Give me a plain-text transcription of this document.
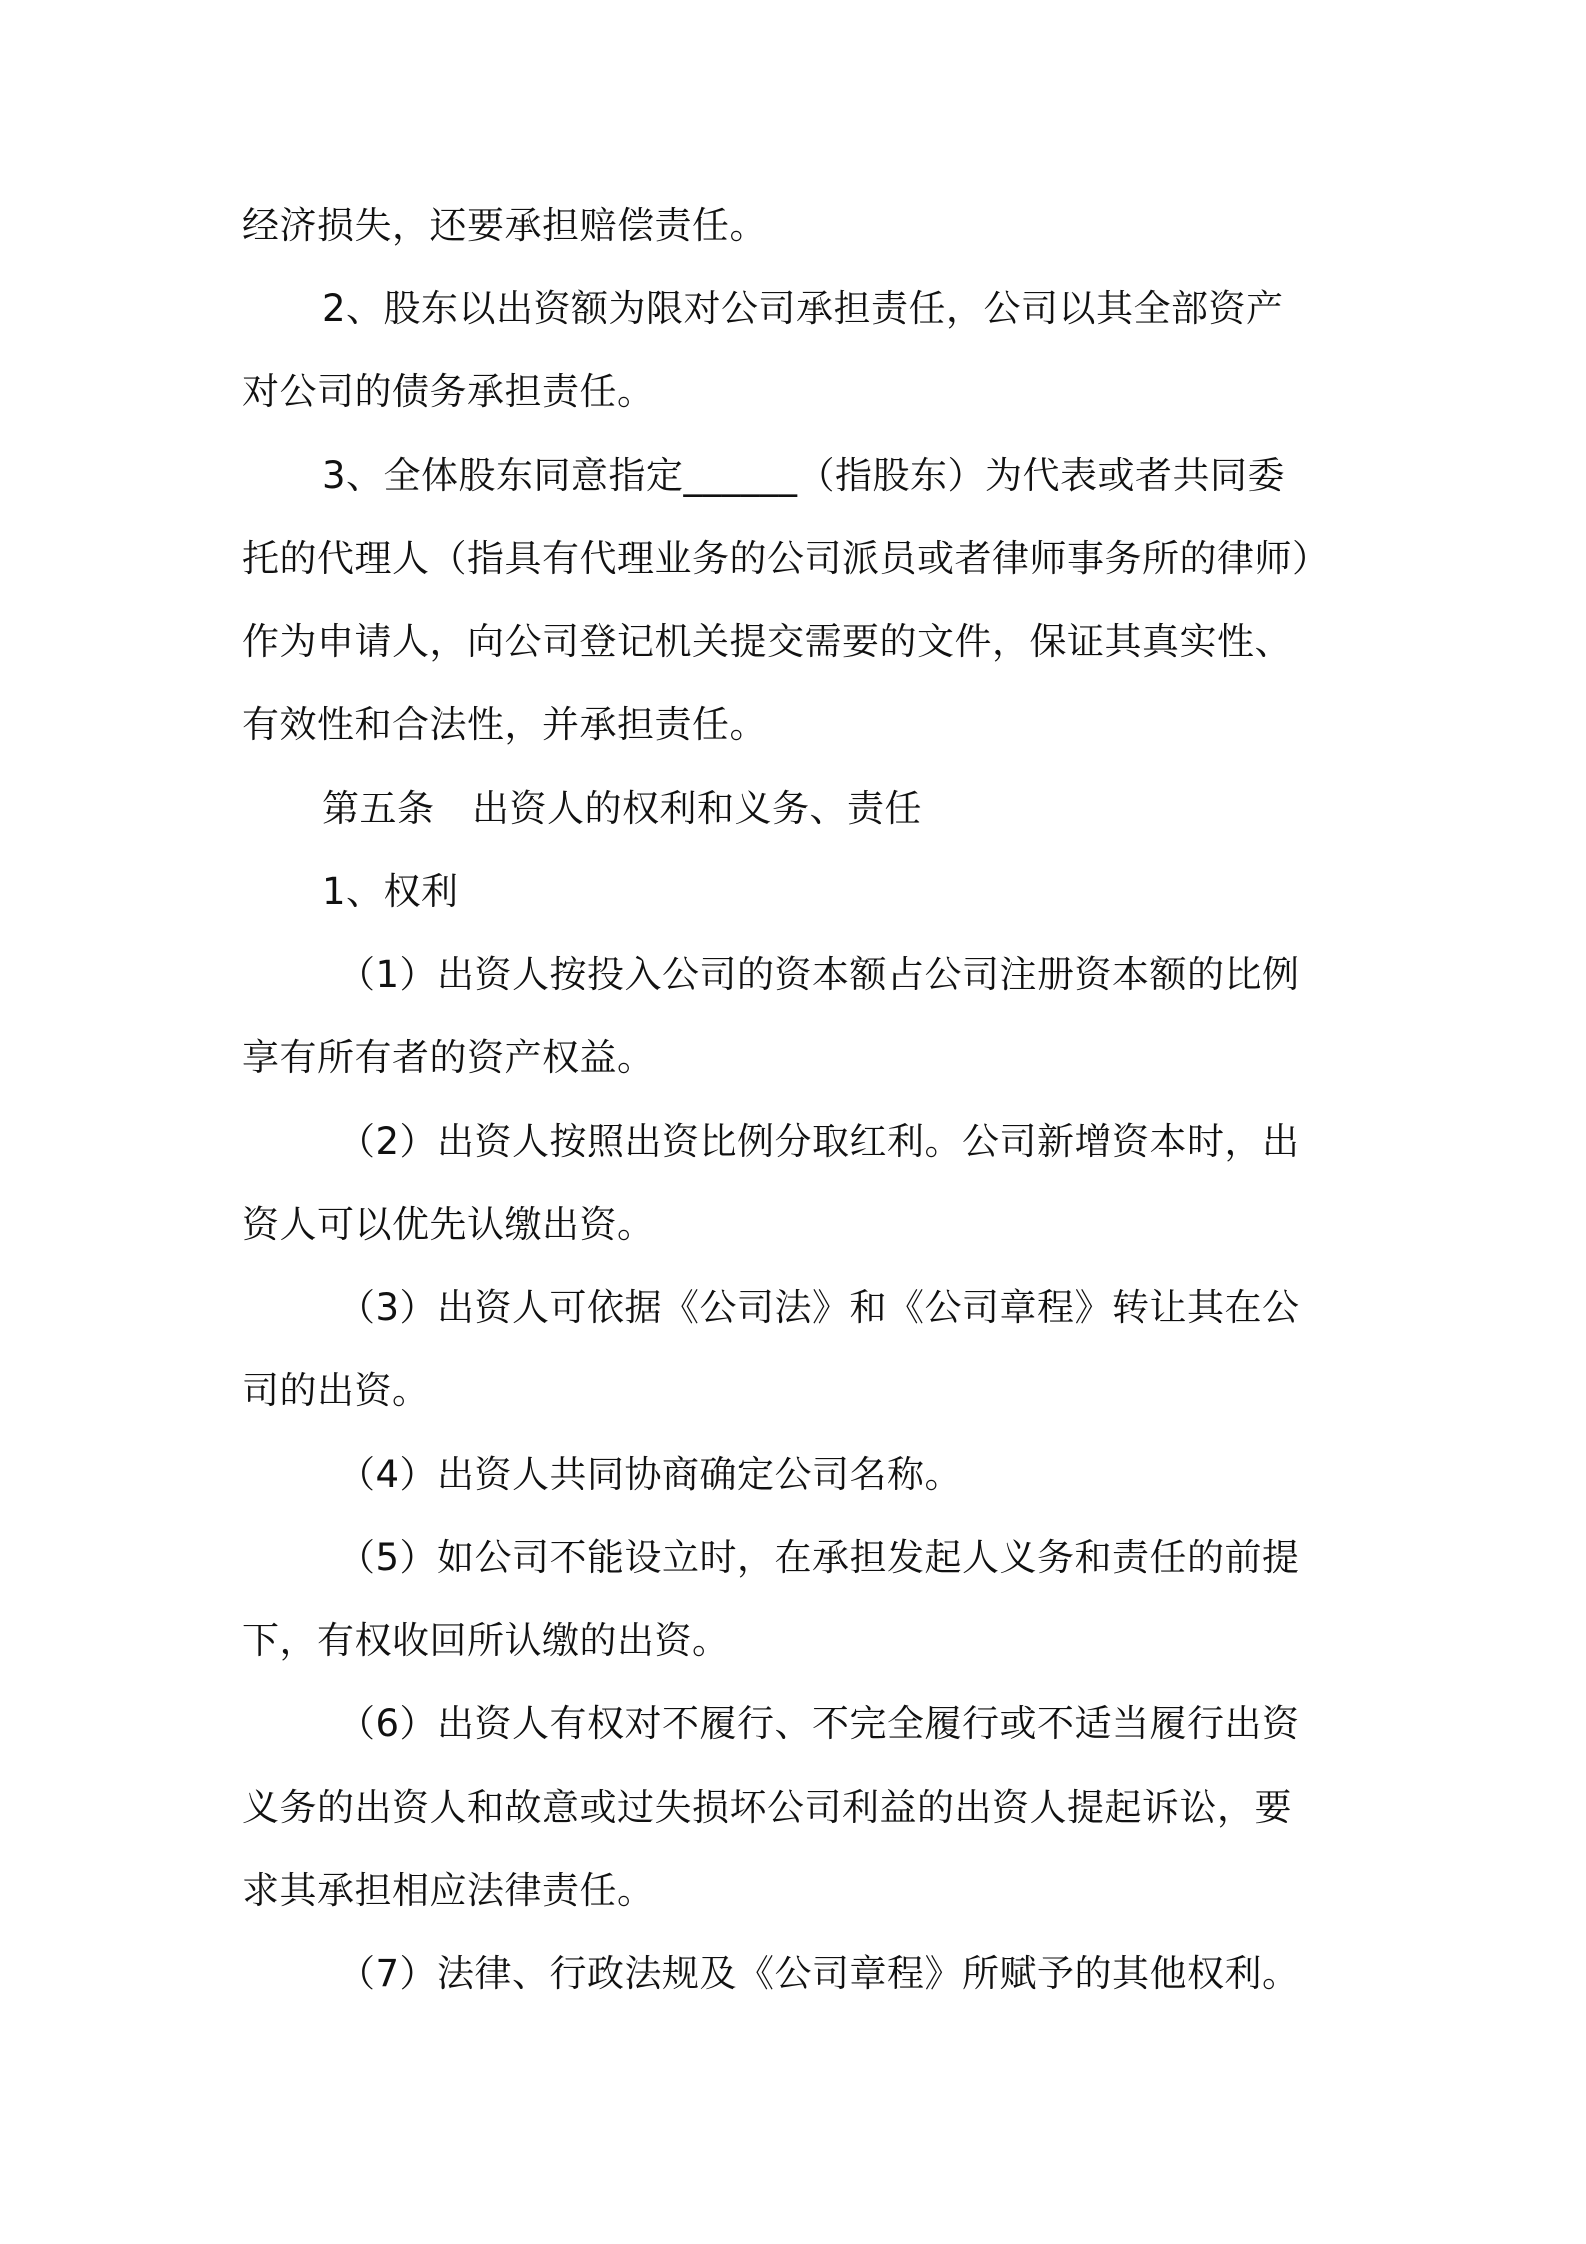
经济损失，还要承担赔偿责任。

2、股东以出资额为限对公司承担责任，公司以其全部资产

对公司的债务承担责任。

3、全体股东同意指定______（指股东）为代表或者共同委

托的代理人（指具有代理业务的公司派员或者律师事务所的律师）

作为申请人，向公司登记机关提交需要的文件，保证其真实性、

有效性和合法性，并承担责任。

第五条　出资人的权利和义务、责任

1、权利

（1）出资人按投入公司的资本额占公司注册资本额的比例

享有所有者的资产权益。

（2）出资人按照出资比例分取红利。公司新增资本时，出

资人可以优先认缴出资。

（3）出资人可依据《公司法》和《公司章程》转让其在公

司的出资。

（4）出资人共同协商确定公司名称。

（5）如公司不能设立时，在承担发起人义务和责任的前提

下，有权收回所认缴的出资。

（6）出资人有权对不履行、不完全履行或不适当履行出资

义务的出资人和故意或过失损坏公司利益的出资人提起诉讼，要

求其承担相应法律责任。

（7）法律、行政法规及《公司章程》所赋予的其他权利。
